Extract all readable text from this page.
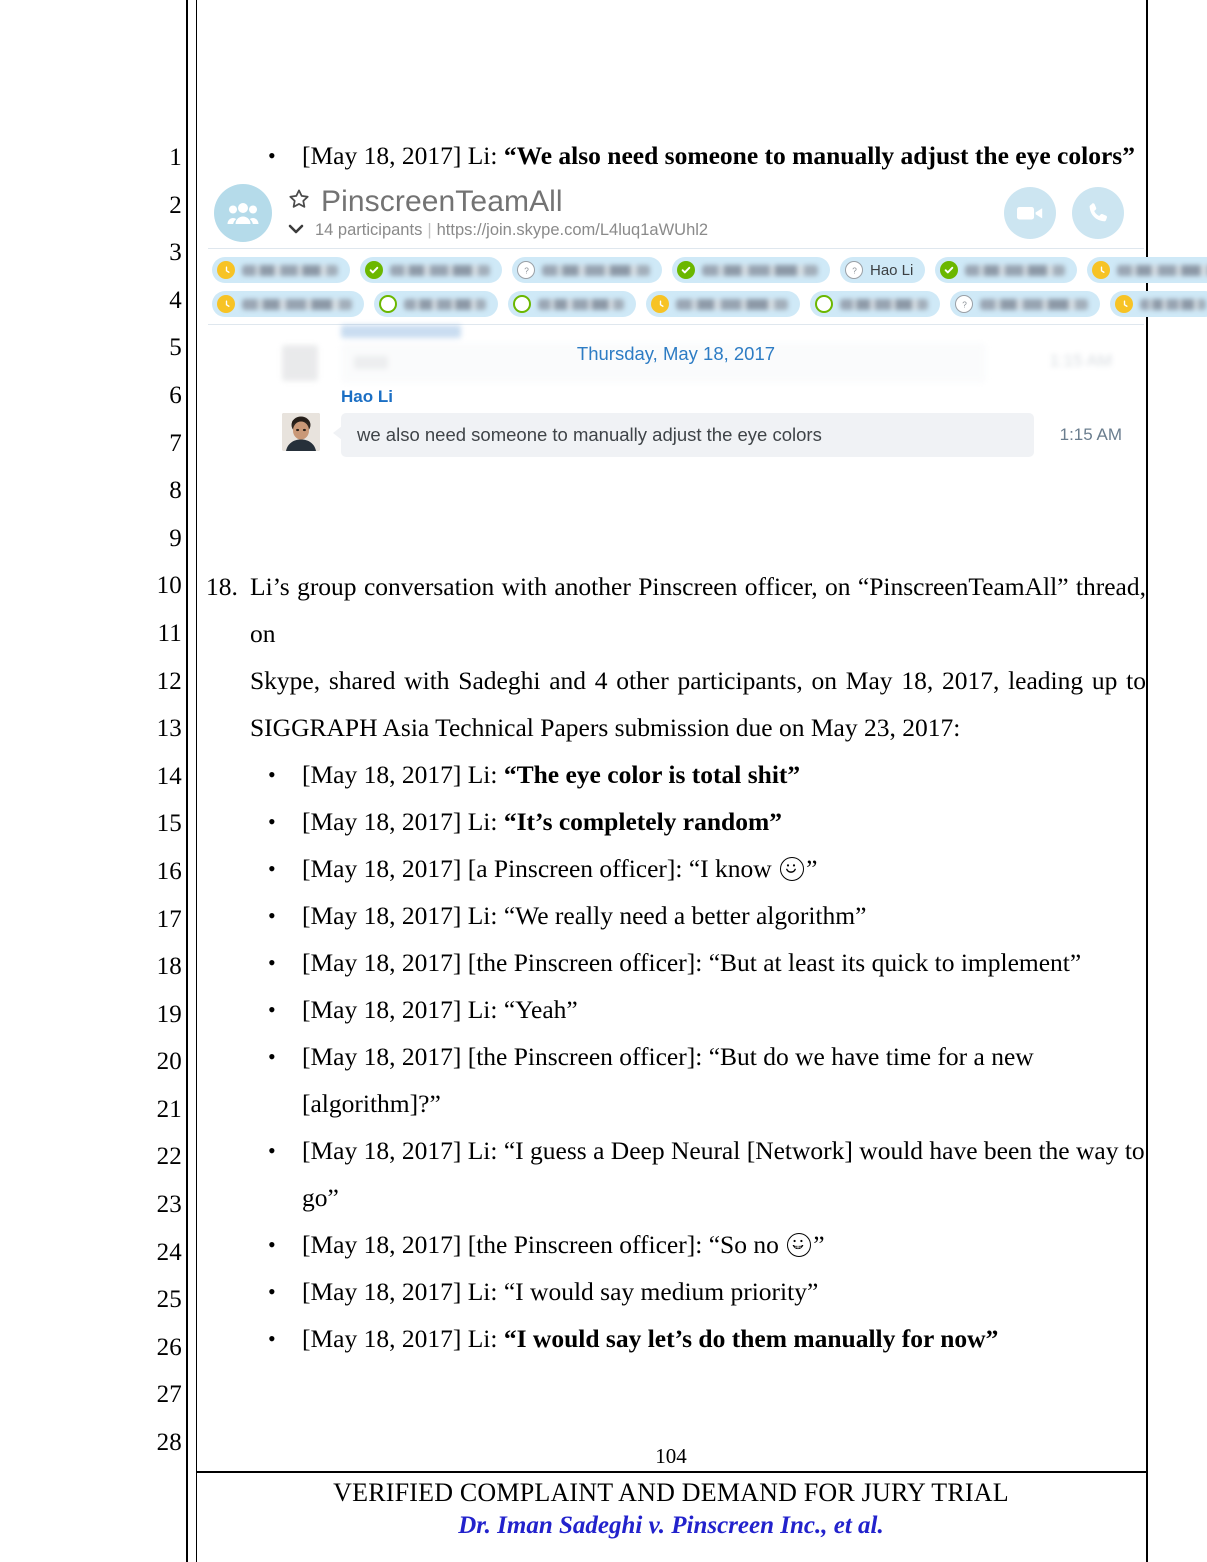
1
2
3
4
5
6
7
8
9
10
11
12
13
14
15
16
17
18
19
20
21
22
23
24
25
26
27
28
• [May 18, 2017] Li: “We also need someone to manually adjust the eye colors”
PinscreenTeamAll
14 participants | https://join.skype.com/L4luq1aWUhl2
?	? Hao Li
?
1:15 AM
Thursday, May 18, 2017
Hao Li
we also need someone to manually adjust the eye colors	1:15 AM
18. Li’s group conversation with another Pinscreen officer, on “PinscreenTeamAll” thread, on
Skype, shared with Sadeghi and 4 other participants, on May 18, 2017, leading up to
SIGGRAPH Asia Technical Papers submission due on May 23, 2017:
• [May 18, 2017] Li: “The eye color is total shit”
• [May 18, 2017] Li: “It’s completely random”
• [May 18, 2017] [a Pinscreen officer]: “I know
”
• [May 18, 2017] Li: “We really need a better algorithm”
• [May 18, 2017] [the Pinscreen officer]: “But at least its quick to implement”
• [May 18, 2017] Li: “Yeah”
• [May 18, 2017] [the Pinscreen officer]: “But do we have time for a new [algorithm]?”
• [May 18, 2017] Li: “I guess a Deep Neural [Network] would have been the way to go”
• [May 18, 2017] [the Pinscreen officer]: “So no
”
• [May 18, 2017] Li: “I would say medium priority”
• [May 18, 2017] Li: “I would say let’s do them manually for now”
104
VERIFIED COMPLAINT AND DEMAND FOR JURY TRIAL
Dr. Iman Sadeghi v. Pinscreen Inc., et al.
